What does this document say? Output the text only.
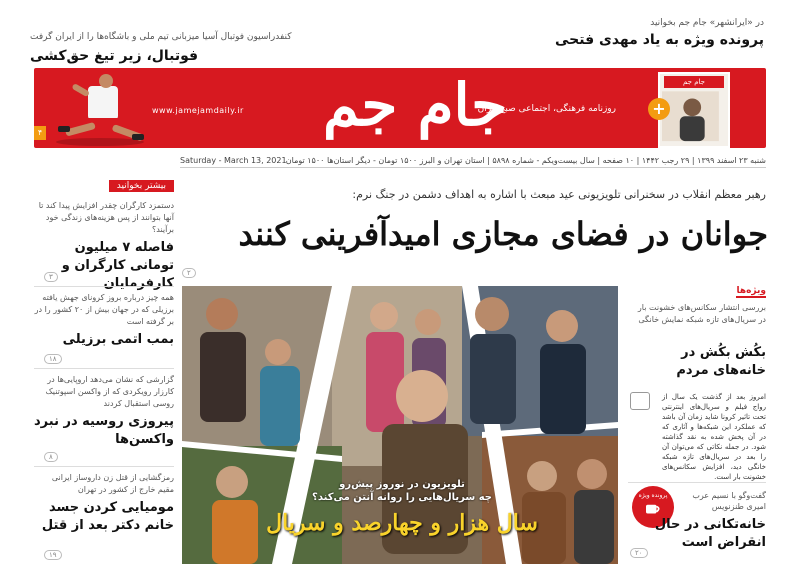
در «ایرانشهر» جام جم بخوانید
پرونده ویژه به یاد مهدی فتحی
کنفدراسیون فوتبال آسیا میزبانی تیم ملی و باشگاه‌ها را از ایران گرفت
فوتبال، زیر تیغ حق‌کشی
www.jamejamdaily.ir	جام جم
روزنامه فرهنگی، اجتماعی صبح ایران
جام جم
+
۴
شنبه ۲۳ اسفند ۱۳۹۹ | ۲۹ رجب ۱۴۴۲ | ۱۰ صفحه | سال بیست‌ویکم - شماره ۵۸۹۸ | استان تهران و البرز ۱۵۰۰ تومان - دیگر استان‌ها ۱۵۰۰ تومان
Saturday - March 13, 2021
بیشتر بخوانید
دستمزد کارگران چقدر افزایش پیدا کند تا آنها بتوانند از پس هزینه‌های زندگی خود برآیند؟
فاصله ۷ میلیون تومانی کارگران و کارفرمایان
۳
همه چیز درباره بروز کرونای جهش یافته برزیلی که در جهان بیش از ۲۰ کشور را در بر گرفته است
بمب اتمی برزیلی
۱۸
گزارشی که نشان می‌دهد اروپایی‌ها در کارزار رویکردی که از واکسن اسپوتنیک روسی استقبال کردند
پیروزی روسیه در نبرد واکسن‌ها
۸
رمزگشایی از قتل زن داروساز ایرانی مقیم خارج از کشور در تهران
مومیایی کردن جسد خانم دکتر بعد از قتل
۱۹
رهبر معظم انقلاب در سخنرانی تلویزیونی عید مبعث با اشاره به اهداف دشمن در جنگ نرم:
جوانان در فضای مجازی امیدآفرینی کنند
۲
تلویزیون در نوروز پیش‌رو
چه سریال‌هایی را روانه آنتن می‌کند؟
سال هزار و چهارصد و سریال
ویژه‌ها
بررسی انتشار سکانس‌های خشونت بار در سریال‌های تازه شبکه نمایش خانگی
بکُش بکُش در خانه‌های مردم
امروز بعد از گذشت یک سال از رواج فیلم و سریال‌های اینترنتی تحت تاثیر کرونا شاید زمان آن باشد که عملکرد این شبکه‌ها و آثاری که در آن پخش شده به نقد گذاشته شود. در جمله نکاتی که می‌توان آن را بعد در سریال‌های تازه شبکه خانگی دید، افزایش سکانس‌های خشونت بار است.
گفت‌وگو با نسیم عرب امیری طنزنویس
پرونده ویژه
خانه‌تکانی در حال انقراض است
۲۰
